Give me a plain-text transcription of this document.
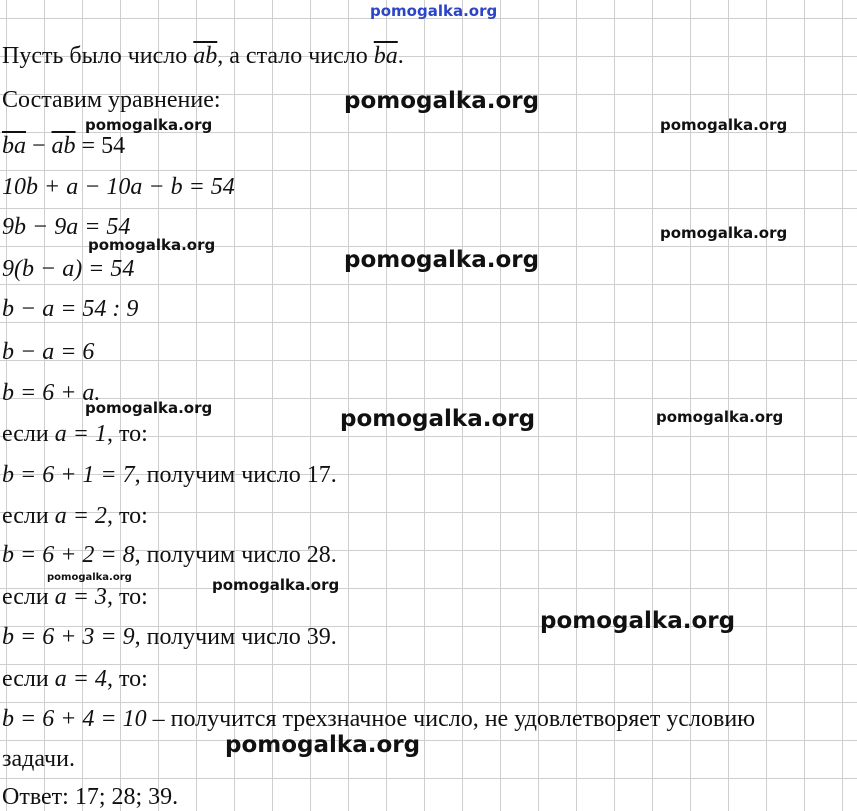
pomogalka.org
pomogalka.org
pomogalka.org	pomogalka.org
pomogalka.org
pomogalka.org
pomogalka.org
pomogalka.org	pomogalka.org	pomogalka.org
pomogalka.org	pomogalka.org
pomogalka.org
pomogalka.org
Пусть было число $\overline{ab}$, а стало число $\overline{ba}$.
Составим уравнение:
$\overline{ba} - \overline{ab} = 54$
10b + a − 10a − b = 54
9b − 9a = 54
9(b − a) = 54
b − a = 54 : 9
b − a = 6
b = 6 + a.
если a = 1, то:
b = 6 + 1 = 7, получим число 17.
если a = 2, то:
b = 6 + 2 = 8, получим число 28.
если a = 3, то:
b = 6 + 3 = 9, получим число 39.
если a = 4, то:
b = 6 + 4 = 10 – получится трехзначное число, не удовлетворяет условию
задачи.
Ответ: 17; 28; 39.
